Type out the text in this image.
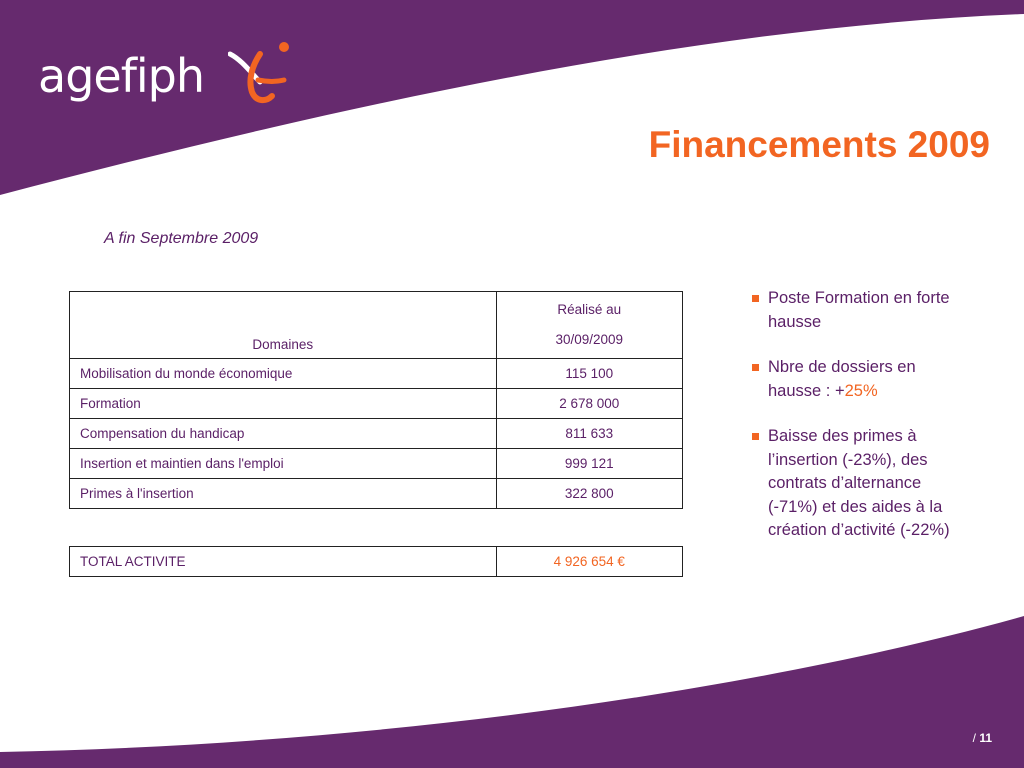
agefiph
Financements 2009
A fin Septembre 2009
Domaines	Réalisé au
30/09/2009

Mobilisation du monde économique	115 100
Formation	2 678 000
Compensation du handicap	811 633
Insertion et maintien dans l'emploi	999 121
Primes à l'insertion	322 800
TOTAL ACTIVITE	4 926 654 €
Poste Formation en forte hausse
Nbre de dossiers en hausse : +25%
Baisse des primes à l’insertion (-23%), des contrats d’alternance (-71%) et des aides à la création d’activité (-22%)
/ 11
